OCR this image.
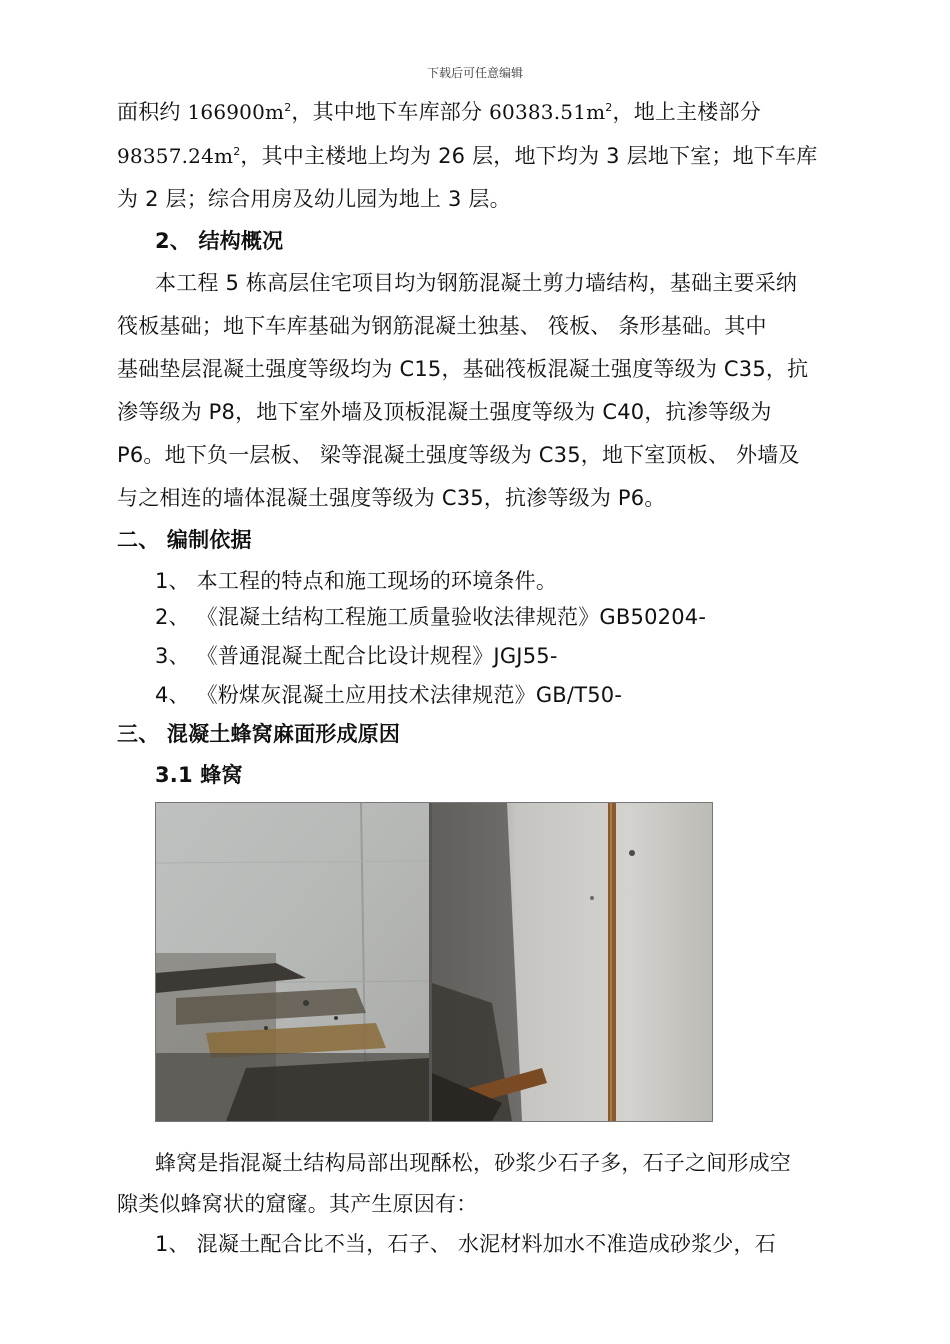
下载后可任意编辑
面积约 $166900m^2$，其中地下车库部分 $60383.51m^2$，地上主楼部分
$98357.24m^2$，其中主楼地上均为 26 层，地下均为 3 层地下室；地下车库
为 2 层；综合用房及幼儿园为地上 3 层。
2、 结构概况
本工程 5 栋高层住宅项目均为钢筋混凝土剪力墙结构，基础主要采纳
筏板基础；地下车库基础为钢筋混凝土独基、 筏板、 条形基础。其中
基础垫层混凝土强度等级均为 C15，基础筏板混凝土强度等级为 C35，抗
渗等级为 P8，地下室外墙及顶板混凝土强度等级为 C40，抗渗等级为
P6。地下负一层板、 梁等混凝土强度等级为 C35，地下室顶板、 外墙及
与之相连的墙体混凝土强度等级为 C35，抗渗等级为 P6。
二、 编制依据
1、 本工程的特点和施工现场的环境条件。
2、 《混凝土结构工程施工质量验收法律规范》GB50204-
3、 《普通混凝土配合比设计规程》JGJ55-
4、 《粉煤灰混凝土应用技术法律规范》GB/T50-
三、 混凝土蜂窝麻面形成原因
3.1 蜂窝
蜂窝是指混凝土结构局部出现酥松，砂浆少石子多，石子之间形成空
隙类似蜂窝状的窟窿。其产生原因有：
1、 混凝土配合比不当，石子、 水泥材料加水不准造成砂浆少，石
